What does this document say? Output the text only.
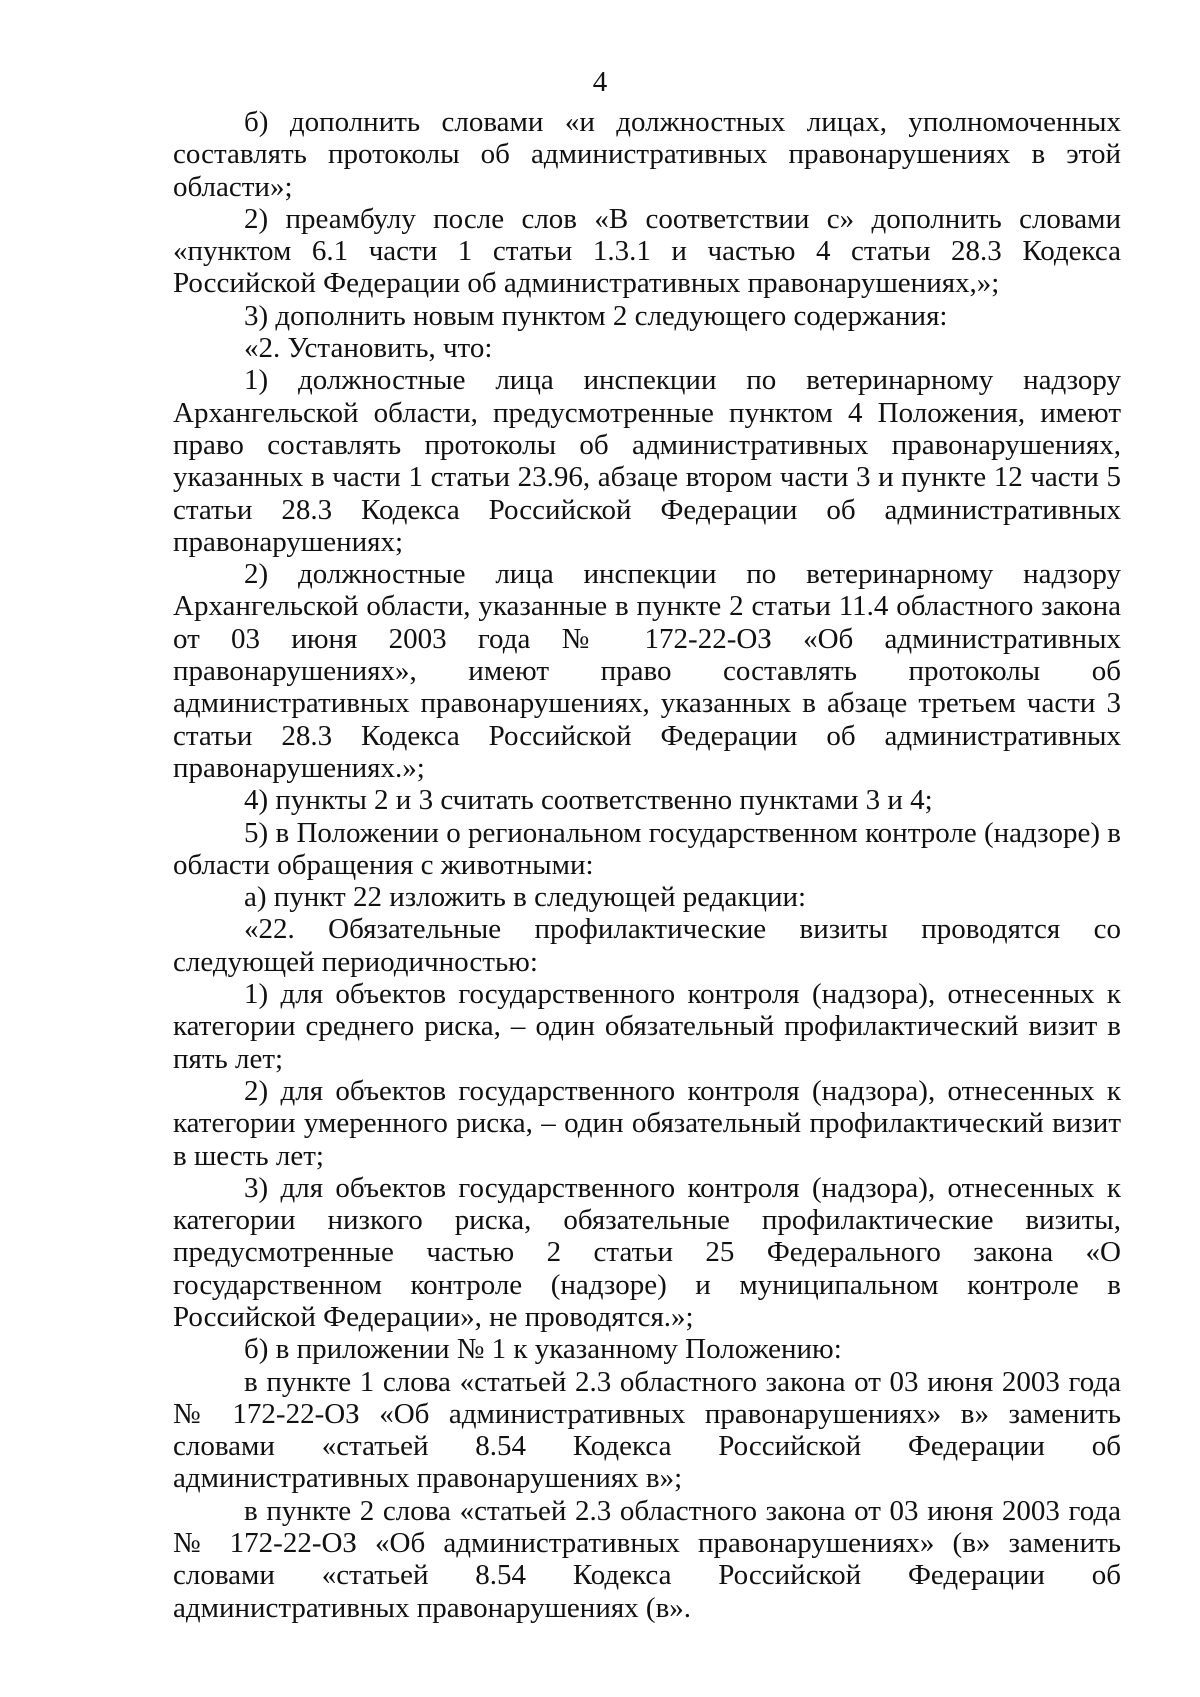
4

б) дополнить словами «и должностных лицах, уполномоченных составлять протоколы об административных правонарушениях в этой области»;

2) преамбулу после слов «В соответствии с» дополнить словами «пунктом 6.1 части 1 статьи 1.3.1 и частью 4 статьи 28.3 Кодекса Российской Федерации об административных правонарушениях,»;

3) дополнить новым пунктом 2 следующего содержания:

«2. Установить, что:

1) должностные лица инспекции по ветеринарному надзору Архангельской области, предусмотренные пунктом 4 Положения, имеют право составлять протоколы об административных правонарушениях, указанных в части 1 статьи 23.96, абзаце втором части 3 и пункте 12 части 5 статьи 28.3 Кодекса Российской Федерации об административных правонарушениях;

2) должностные лица инспекции по ветеринарному надзору Архангельской области, указанные в пункте 2 статьи 11.4 областного закона от 03 июня 2003 года № 172-22-ОЗ «Об административных правонарушениях», имеют право составлять протоколы об административных правонарушениях, указанных в абзаце третьем части 3 статьи 28.3 Кодекса Российской Федерации об административных правонарушениях.»;

4) пункты 2 и 3 считать соответственно пунктами 3 и 4;

5) в Положении о региональном государственном контроле (надзоре) в области обращения с животными:

а) пункт 22 изложить в следующей редакции:

«22. Обязательные профилактические визиты проводятся со следующей периодичностью:

1) для объектов государственного контроля (надзора), отнесенных к категории среднего риска, – один обязательный профилактический визит в пять лет;

2) для объектов государственного контроля (надзора), отнесенных к категории умеренного риска, – один обязательный профилактический визит в шесть лет;

3) для объектов государственного контроля (надзора), отнесенных к категории низкого риска, обязательные профилактические визиты, предусмотренные частью 2 статьи 25 Федерального закона «О государственном контроле (надзоре) и муниципальном контроле в Российской Федерации», не проводятся.»;

б) в приложении № 1 к указанному Положению:

в пункте 1 слова «статьей 2.3 областного закона от 03 июня 2003 года № 172-22-ОЗ «Об административных правонарушениях» в» заменить словами «статьей 8.54 Кодекса Российской Федерации об административных правонарушениях в»;

в пункте 2 слова «статьей 2.3 областного закона от 03 июня 2003 года № 172-22-ОЗ «Об административных правонарушениях» (в» заменить словами «статьей 8.54 Кодекса Российской Федерации об административных правонарушениях (в».
